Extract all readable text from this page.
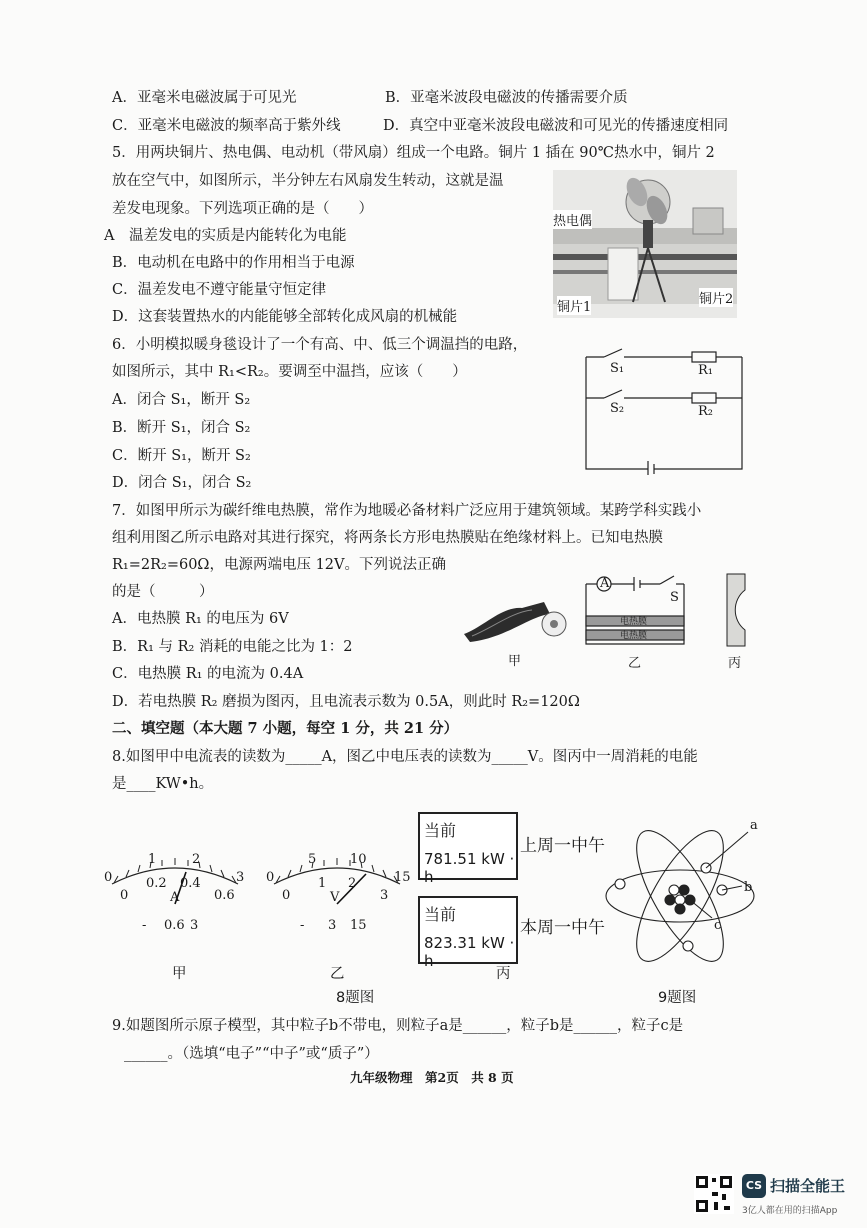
A．亚毫米电磁波属于可见光	B．亚毫米波段电磁波的传播需要介质
C．亚毫米电磁波的频率高于紫外线	D．真空中亚毫米波段电磁波和可见光的传播速度相同
5．用两块铜片、热电偶、电动机（带风扇）组成一个电路。铜片 1 插在 90℃热水中，铜片 2
放在空气中，如图所示，半分钟左右风扇发生转动，这就是温
差发电现象。下列选项正确的是（　　）
A　温差发电的实质是内能转化为电能
B．电动机在电路中的作用相当于电源
C．温差发电不遵守能量守恒定律
D．这套装置热水的内能能够全部转化成风扇的机械能
热电偶
铜片1
铜片2
6．小明模拟暖身毯设计了一个有高、中、低三个调温挡的电路，
如图所示，其中 R₁<R₂。要调至中温挡，应该（　　）
A．闭合 S₁，断开 S₂
B．断开 S₁，闭合 S₂
C．断开 S₁，断开 S₂
D．闭合 S₁，闭合 S₂
S₁	R₁
S₂	R₂
7．如图甲所示为碳纤维电热膜，常作为地暖必备材料广泛应用于建筑领域。某跨学科实践小
组利用图乙所示电路对其进行探究，将两条长方形电热膜贴在绝缘材料上。已知电热膜
R₁=2R₂=60Ω，电源两端电压 12V。下列说法正确
的是（　　　）
A．电热膜 R₁ 的电压为 6V
B．R₁ 与 R₂ 消耗的电能之比为 1：2
C．电热膜 R₁ 的电流为 0.4A
D．若电热膜 R₂ 磨损为图丙，且电流表示数为 0.5A，则此时 R₂=120Ω
甲
A
S
电热膜
电热膜
乙	丙
二、填空题（本大题 7 小题，每空 1 分，共 21 分）
8.如图甲中电流表的读数为_____A，图乙中电压表的读数为_____V。图丙中一周消耗的电能
是____KW•h。
0
1	2
3
0
0.2 0.4
0.6
A
- 0.6 3
0
5	10
15
0
1 2
3
V
- 3 15
当前
781.51 kW · h
上周一中午
当前
823.31 kW · h
本周一中午
a
b
c
甲	乙	丙
8题图	9题图
9.如题图所示原子模型，其中粒子b不带电，则粒子a是______，粒子b是______，粒子c是
______。（选填“电子”“中子”或“质子”）
九年级物理　第2页　共 8 页
CS 扫描全能王
3亿人都在用的扫描App
